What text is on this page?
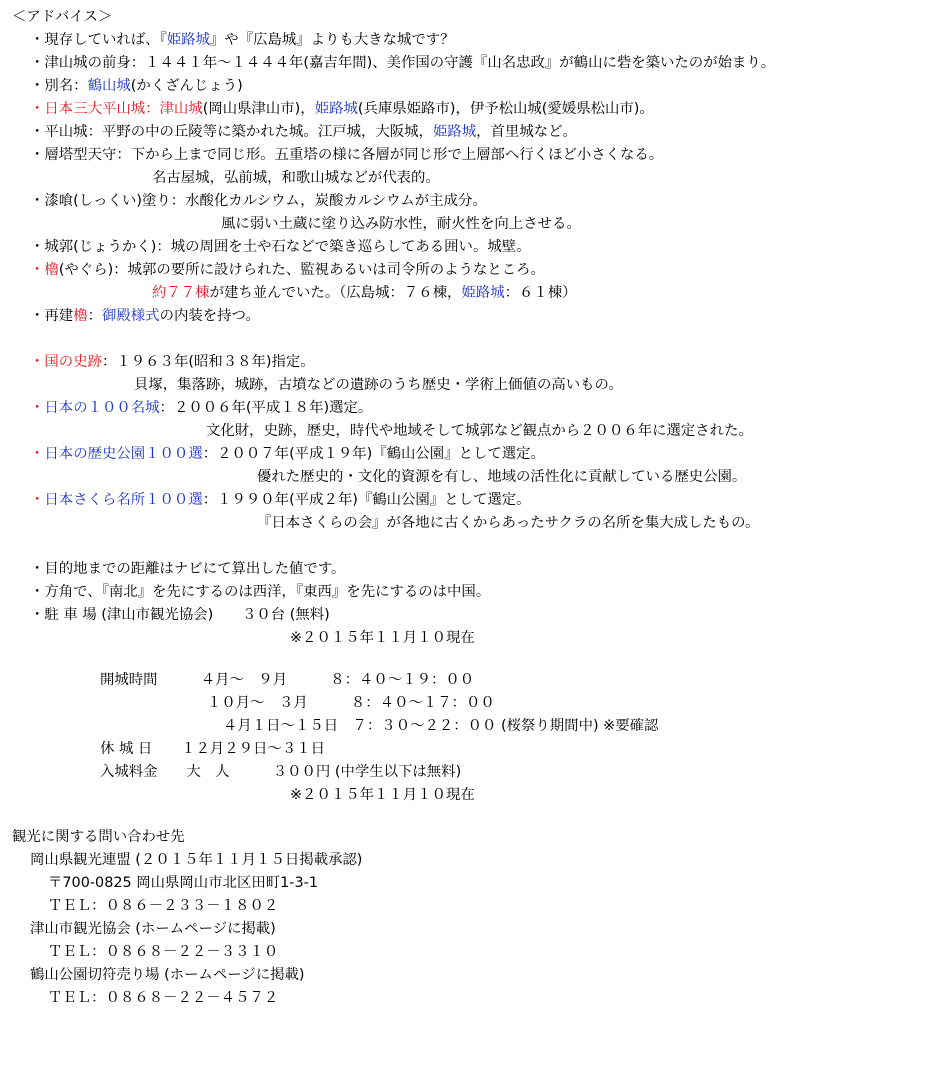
＜アドバイス＞
・現存していれば、『姫路城』や『広島城』よりも大きな城です？
・津山城の前身：１４４１年～１４４４年(嘉吉年間)、美作国の守護『山名忠政』が鶴山に砦を築いたのが始まり。
・別名：鶴山城(かくざんじょう)
・日本三大平山城：津山城(岡山県津山市)，姫路城(兵庫県姫路市)，伊予松山城(愛媛県松山市)。
・平山城：平野の中の丘陵等に築かれた城。江戸城，大阪城，姫路城，首里城など。
・層塔型天守：下から上まで同じ形。五重塔の様に各層が同じ形で上層部へ行くほど小さくなる。
名古屋城，弘前城，和歌山城などが代表的。
・漆喰(しっくい)塗り：水酸化カルシウム，炭酸カルシウムが主成分。
風に弱い土蔵に塗り込み防水性，耐火性を向上させる。
・城郭(じょうかく)：城の周囲を土や石などで築き巡らしてある囲い。城壁。
・櫓(やぐら)：城郭の要所に設けられた、監視あるいは司令所のようなところ。
約７７棟が建ち並んでいた。（広島城：７６棟，姫路城：６１棟）
・再建櫓：御殿様式の内装を持つ。
・国の史跡：１９６３年(昭和３８年)指定。
貝塚，集落跡，城跡，古墳などの遺跡のうち歴史・学術上価値の高いもの。
・日本の１００名城：２００６年(平成１８年)選定。
文化財，史跡，歴史，時代や地域そして城郭など観点から２００６年に選定された。
・日本の歴史公園１００選：２００７年(平成１９年)『鶴山公園』として選定。
優れた歴史的・文化的資源を有し、地域の活性化に貢献している歴史公園。
・日本さくら名所１００選：１９９０年(平成２年)『鶴山公園』として選定。
『日本さくらの会』が各地に古くからあったサクラの名所を集大成したもの。
・目的地までの距離はナビにて算出した値です。
・方角で、『南北』を先にするのは西洋，『東西』を先にするのは中国。
・駐 車 場 (津山市観光協会)　　３０台 (無料)
※２０１５年１１月１０現在
開城時間　　　４月～　９月　　　８：４０～１９：００
１０月～　３月　　　８：４０～１７：００
４月１日～１５日　７：３０～２２：００ (桜祭り期間中) ※要確認
休 城 日　　１２月２９日～３１日
入城料金　　大　人　　　３００円 (中学生以下は無料)
※２０１５年１１月１０現在
観光に関する問い合わせ先
岡山県観光連盟 (２０１５年１１月１５日掲載承認)
〒700-0825 岡山県岡山市北区田町1-3-1
ＴＥＬ：０８６－２３３－１８０２
津山市観光協会 (ホームページに掲載)
ＴＥＬ：０８６８－２２－３３１０
鶴山公園切符売り場 (ホームページに掲載)
ＴＥＬ：０８６８－２２－４５７２
